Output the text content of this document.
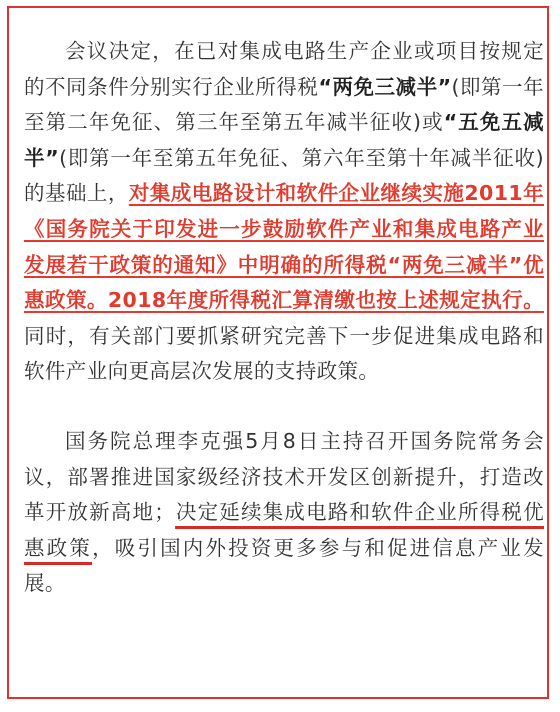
会议决定，在已对集成电路生产企业或项目按规定的不同条件分别实行企业所得税“两免三减半”(即第一年至第二年免征、第三年至第五年减半征收)或“五免五减半”(即第一年至第五年免征、第六年至第十年减半征收)的基础上，对集成电路设计和软件企业继续实施2011年《国务院关于印发进一步鼓励软件产业和集成电路产业发展若干政策的通知》中明确的所得税“两免三减半”优惠政策。2018年度所得税汇算清缴也按上述规定执行。同时，有关部门要抓紧研究完善下一步促进集成电路和软件产业向更高层次发展的支持政策。

国务院总理李克强5月8日主持召开国务院常务会议，部署推进国家级经济技术开发区创新提升，打造改革开放新高地；决定延续集成电路和软件企业所得税优惠政策，吸引国内外投资更多参与和促进信息产业发展。
